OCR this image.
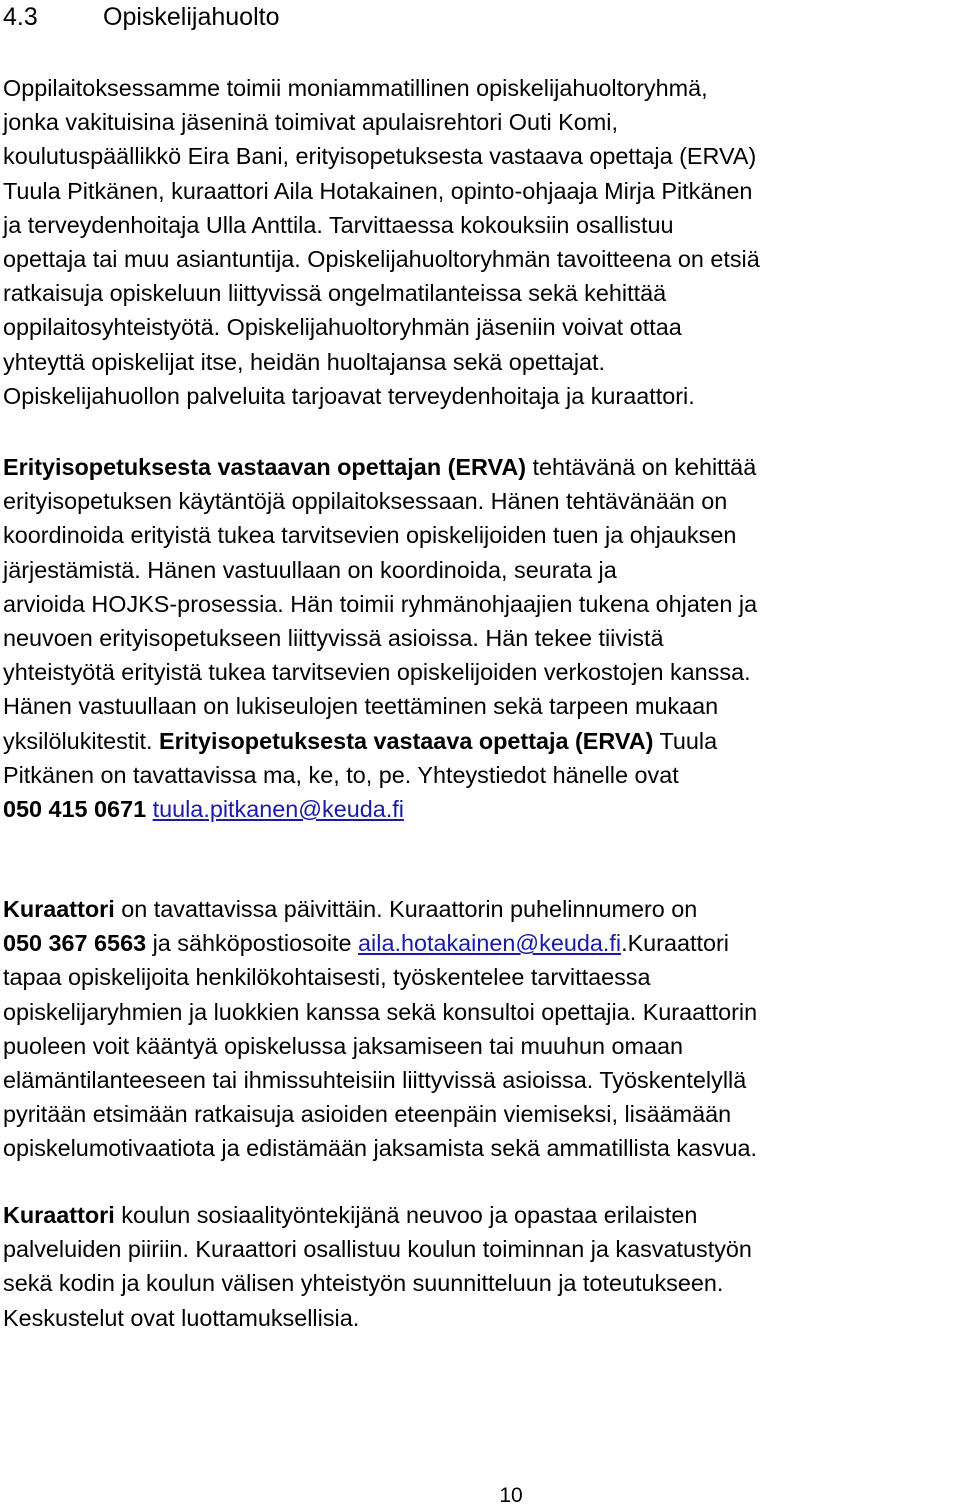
4.3	Opiskelijahuolto

Oppilaitoksessamme toimii moniammatillinen opiskelijahuoltoryhmä,
jonka vakituisina jäseninä toimivat apulaisrehtori Outi Komi,
koulutuspäällikkö Eira Bani, erityisopetuksesta vastaava opettaja (ERVA)
Tuula Pitkänen, kuraattori Aila Hotakainen, opinto-ohjaaja Mirja Pitkänen
ja terveydenhoitaja Ulla Anttila. Tarvittaessa kokouksiin osallistuu
opettaja tai muu asiantuntija. Opiskelijahuoltoryhmän tavoitteena on etsiä
ratkaisuja opiskeluun liittyvissä ongelmatilanteissa sekä kehittää
oppilaitosyhteistyötä. Opiskelijahuoltoryhmän jäseniin voivat ottaa
yhteyttä opiskelijat itse, heidän huoltajansa sekä opettajat.
Opiskelijahuollon palveluita tarjoavat terveydenhoitaja ja kuraattori.

Erityisopetuksesta vastaavan opettajan (ERVA) tehtävänä on kehittää
erityisopetuksen käytäntöjä oppilaitoksessaan. Hänen tehtävänään on
koordinoida erityistä tukea tarvitsevien opiskelijoiden tuen ja ohjauksen
järjestämistä. Hänen vastuullaan on koordinoida, seurata ja
arvioida HOJKS-prosessia. Hän toimii ryhmänohjaajien tukena ohjaten ja
neuvoen erityisopetukseen liittyvissä asioissa. Hän tekee tiivistä
yhteistyötä erityistä tukea tarvitsevien opiskelijoiden verkostojen kanssa.
Hänen vastuullaan on lukiseulojen teettäminen sekä tarpeen mukaan
yksilölukitestit. Erityisopetuksesta vastaava opettaja (ERVA) Tuula
Pitkänen on tavattavissa ma, ke, to, pe. Yhteystiedot hänelle ovat
050 415 0671 tuula.pitkanen@keuda.fi

Kuraattori on tavattavissa päivittäin. Kuraattorin puhelinnumero on
050 367 6563 ja sähköpostiosoite aila.hotakainen@keuda.fi.Kuraattori
tapaa opiskelijoita henkilökohtaisesti, työskentelee tarvittaessa
opiskelijaryhmien ja luokkien kanssa sekä konsultoi opettajia. Kuraattorin
puoleen voit kääntyä opiskelussa jaksamiseen tai muuhun omaan
elämäntilanteeseen tai ihmissuhteisiin liittyvissä asioissa. Työskentelyllä
pyritään etsimään ratkaisuja asioiden eteenpäin viemiseksi, lisäämään
opiskelumotivaatiota ja edistämään jaksamista sekä ammatillista kasvua.

Kuraattori koulun sosiaalityöntekijänä neuvoo ja opastaa erilaisten
palveluiden piiriin. Kuraattori osallistuu koulun toiminnan ja kasvatustyön
sekä kodin ja koulun välisen yhteistyön suunnitteluun ja toteutukseen.
Keskustelut ovat luottamuksellisia.

10
